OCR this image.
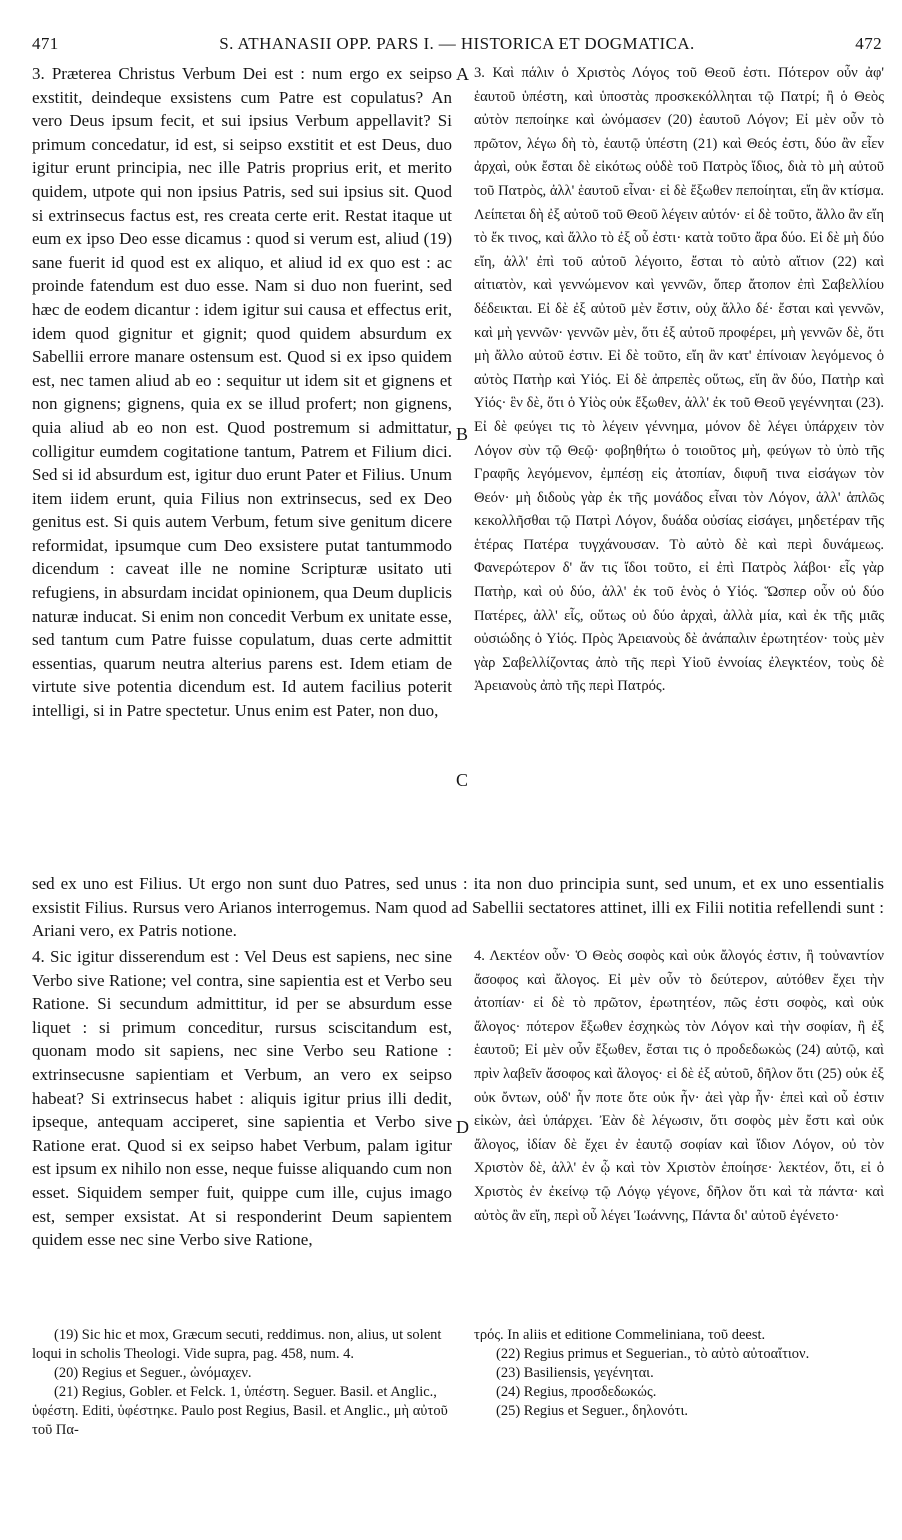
471	S. ATHANASII OPP. PARS I. — HISTORICA ET DOGMATICA.	472

3. Præterea Christus Verbum Dei est : num ergo ex seipso exstitit, deindeque exsistens cum Patre est copulatus? An vero Deus ipsum fecit, et sui ipsius Verbum appellavit? Si primum concedatur, id est, si seipso exstitit et est Deus, duo igitur erunt principia, nec ille Patris proprius erit, et merito quidem, utpote qui non ipsius Patris, sed sui ipsius sit. Quod si extrinsecus factus est, res creata certe erit. Restat itaque ut eum ex ipso Deo esse dicamus : quod si verum est, aliud (19) sane fuerit id quod est ex aliquo, et aliud id ex quo est : ac proinde fatendum est duo esse. Nam si duo non fuerint, sed hæc de eodem dicantur : idem igitur sui causa et effectus erit, idem quod gignitur et gignit; quod quidem absurdum ex Sabellii errore manare ostensum est. Quod si ex ipso quidem est, nec tamen aliud ab eo : sequitur ut idem sit et gignens et non gignens; gignens, quia ex se illud profert; non gignens, quia aliud ab eo non est. Quod postremum si admittatur, colligitur eumdem cogitatione tantum, Patrem et Filium dici. Sed si id absurdum est, igitur duo erunt Pater et Filius. Unum item iidem erunt, quia Filius non extrinsecus, sed ex Deo genitus est. Si quis autem Verbum, fetum sive genitum dicere reformidat, ipsumque cum Deo exsistere putat tantummodo dicendum : caveat ille ne nomine Scripturæ usitato uti refugiens, in absurdam incidat opinionem, qua Deum duplicis naturæ inducat. Si enim non concedit Verbum ex unitate esse, sed tantum cum Patre fuisse copulatum, duas certe admittit essentias, quarum neutra alterius parens est. Idem etiam de virtute sive potentia dicendum est. Id autem facilius poterit intelligi, si in Patre spectetur. Unus enim est Pater, non duo,

3. Καὶ πάλιν ὁ Χριστὸς Λόγος τοῦ Θεοῦ ἐστι. Πότερον οὖν ἀφ' ἑαυτοῦ ὑπέστη, καὶ ὑποστὰς προσκεκόλληται τῷ Πατρί; ἢ ὁ Θεὸς αὐτὸν πεποίηκε καὶ ὠνόμασεν (20) ἑαυτοῦ Λόγον; Εἰ μὲν οὖν τὸ πρῶτον, λέγω δὴ τὸ, ἑαυτῷ ὑπέστη (21) καὶ Θεός ἐστι, δύο ἂν εἶεν ἀρχαὶ, οὐκ ἔσται δὲ εἰκότως οὐδὲ τοῦ Πατρὸς ἴδιος, διὰ τὸ μὴ αὐτοῦ τοῦ Πατρὸς, ἀλλ' ἑαυτοῦ εἶναι· εἰ δὲ ἔξωθεν πεποίηται, εἴη ἂν κτίσμα. Λείπεται δὴ ἐξ αὐτοῦ τοῦ Θεοῦ λέγειν αὐτόν· εἰ δὲ τοῦτο, ἄλλο ἂν εἴη τὸ ἔκ τινος, καὶ ἄλλο τὸ ἐξ οὗ ἐστι· κατὰ τοῦτο ἄρα δύο. Εἰ δὲ μὴ δύο εἴη, ἀλλ' ἐπὶ τοῦ αὐτοῦ λέγοιτο, ἔσται τὸ αὐτὸ αἴτιον (22) καὶ αἰτιατὸν, καὶ γεννώμενον καὶ γεννῶν, ὅπερ ἄτοπον ἐπὶ Σαβελλίου δέδεικται. Εἰ δὲ ἐξ αὐτοῦ μὲν ἔστιν, οὐχ ἄλλο δέ· ἔσται καὶ γεννῶν, καὶ μὴ γεννῶν· γεννῶν μὲν, ὅτι ἐξ αὐτοῦ προφέρει, μὴ γεννῶν δὲ, ὅτι μὴ ἄλλο αὐτοῦ ἐστιν. Εἰ δὲ τοῦτο, εἴη ἂν κατ' ἐπίνοιαν λεγόμενος ὁ αὐτὸς Πατὴρ καὶ Υἱός. Εἰ δὲ ἀπρεπὲς οὕτως, εἴη ἂν δύο, Πατὴρ καὶ Υἱός· ἓν δὲ, ὅτι ὁ Υἱὸς οὐκ ἔξωθεν, ἀλλ' ἐκ τοῦ Θεοῦ γεγέννηται (23). Εἰ δὲ φεύγει τις τὸ λέγειν γέννημα, μόνον δὲ λέγει ὑπάρχειν τὸν Λόγον σὺν τῷ Θεῷ· φοβηθήτω ὁ τοιοῦτος μὴ, φεύγων τὸ ὑπὸ τῆς Γραφῆς λεγόμενον, ἐμπέσῃ εἰς ἀτοπίαν, διφυῆ τινα εἰσάγων τὸν Θεόν· μὴ διδοὺς γὰρ ἐκ τῆς μονάδος εἶναι τὸν Λόγον, ἀλλ' ἁπλῶς κεκολλῆσθαι τῷ Πατρὶ Λόγον, δυάδα οὐσίας εἰσάγει, μηδετέραν τῆς ἑτέρας Πατέρα τυγχάνουσαν. Τὸ αὐτὸ δὲ καὶ περὶ δυνάμεως. Φανερώτερον δ' ἄν τις ἴδοι τοῦτο, εἰ ἐπὶ Πατρὸς λάβοι· εἷς γὰρ Πατὴρ, καὶ οὐ δύο, ἀλλ' ἐκ τοῦ ἑνὸς ὁ Υἱός. Ὥσπερ οὖν οὐ δύο Πατέρες, ἀλλ' εἷς, οὕτως οὐ δύο ἀρχαὶ, ἀλλὰ μία, καὶ ἐκ τῆς μιᾶς οὐσιώδης ὁ Υἱός. Πρὸς Ἀρειανοὺς δὲ ἀνάπαλιν ἐρωτητέον· τοὺς μὲν γὰρ Σαβελλίζοντας ἀπὸ τῆς περὶ Υἱοῦ ἐννοίας ἐλεγκτέον, τοὺς δὲ Ἀρειανοὺς ἀπὸ τῆς περὶ Πατρός.

sed ex uno est Filius. Ut ergo non sunt duo Patres, sed unus : ita non duo principia sunt, sed unum, et ex uno essentialis exsistit Filius. Rursus vero Arianos interrogemus. Nam quod ad Sabellii sectatores attinet, illi ex Filii notitia refellendi sunt : Ariani vero, ex Patris notione.

4. Sic igitur disserendum est : Vel Deus est sapiens, nec sine Verbo sive Ratione; vel contra, sine sapientia est et Verbo seu Ratione. Si secundum admittitur, id per se absurdum esse liquet : si primum conceditur, rursus sciscitandum est, quonam modo sit sapiens, nec sine Verbo seu Ratione : extrinsecusne sapientiam et Verbum, an vero ex seipso habeat? Si extrinsecus habet : aliquis igitur prius illi dedit, ipseque, antequam acciperet, sine sapientia et Verbo sive Ratione erat. Quod si ex seipso habet Verbum, palam igitur est ipsum ex nihilo non esse, neque fuisse aliquando cum non esset. Siquidem semper fuit, quippe cum ille, cujus imago est, semper exsistat. At si responderint Deum sapientem quidem esse nec sine Verbo sive Ratione,

4. Λεκτέον οὖν· Ὁ Θεὸς σοφὸς καὶ οὐκ ἄλογός ἐστιν, ἢ τοὐναντίον ἄσοφος καὶ ἄλογος. Εἰ μὲν οὖν τὸ δεύτερον, αὐτόθεν ἔχει τὴν ἀτοπίαν· εἰ δὲ τὸ πρῶτον, ἐρωτητέον, πῶς ἐστι σοφὸς, καὶ οὐκ ἄλογος· πότερον ἔξωθεν ἐσχηκὼς τὸν Λόγον καὶ τὴν σοφίαν, ἢ ἐξ ἑαυτοῦ; Εἰ μὲν οὖν ἔξωθεν, ἔσται τις ὁ προδεδωκὼς (24) αὐτῷ, καὶ πρὶν λαβεῖν ἄσοφος καὶ ἄλογος· εἰ δὲ ἐξ αὐτοῦ, δῆλον ὅτι (25) οὐκ ἐξ οὐκ ὄντων, οὐδ' ἦν ποτε ὅτε οὐκ ἦν· ἀεὶ γὰρ ἦν· ἐπεὶ καὶ οὗ ἐστιν εἰκὼν, ἀεὶ ὑπάρχει. Ἐὰν δὲ λέγωσιν, ὅτι σοφὸς μὲν ἔστι καὶ οὐκ ἄλογος, ἰδίαν δὲ ἔχει ἐν ἑαυτῷ σοφίαν καὶ ἴδιον Λόγον, οὐ τὸν Χριστὸν δὲ, ἀλλ' ἐν ᾧ καὶ τὸν Χριστὸν ἐποίησε· λεκτέον, ὅτι, εἰ ὁ Χριστὸς ἐν ἐκείνῳ τῷ Λόγῳ γέγονε, δῆλον ὅτι καὶ τὰ πάντα· καὶ αὐτὸς ἂν εἴη, περὶ οὗ λέγει Ἰωάννης, Πάντα δι' αὐτοῦ ἐγένετο·

A
B
C
D

(19) Sic hic et mox, Græcum secuti, reddimus. non, alius, ut solent loqui in scholis Theologi. Vide supra, pag. 458, num. 4.

(20) Regius et Seguer., ὠνόμαχεν.

(21) Regius, Gobler. et Felck. 1, ὑπέστη. Seguer. Basil. et Anglic., ὑφέστη. Editi, ὑφέστηκε. Paulo post Regius, Basil. et Anglic., μὴ αὐτοῦ τοῦ Πα-

τρός. In aliis et editione Commeliniana, τοῦ deest.

(22) Regius primus et Seguerian., τὸ αὐτὸ αὐτοαἴτιον.

(23) Basiliensis, γεγένηται.

(24) Regius, προσδεδωκώς.

(25) Regius et Seguer., δηλονότι.
